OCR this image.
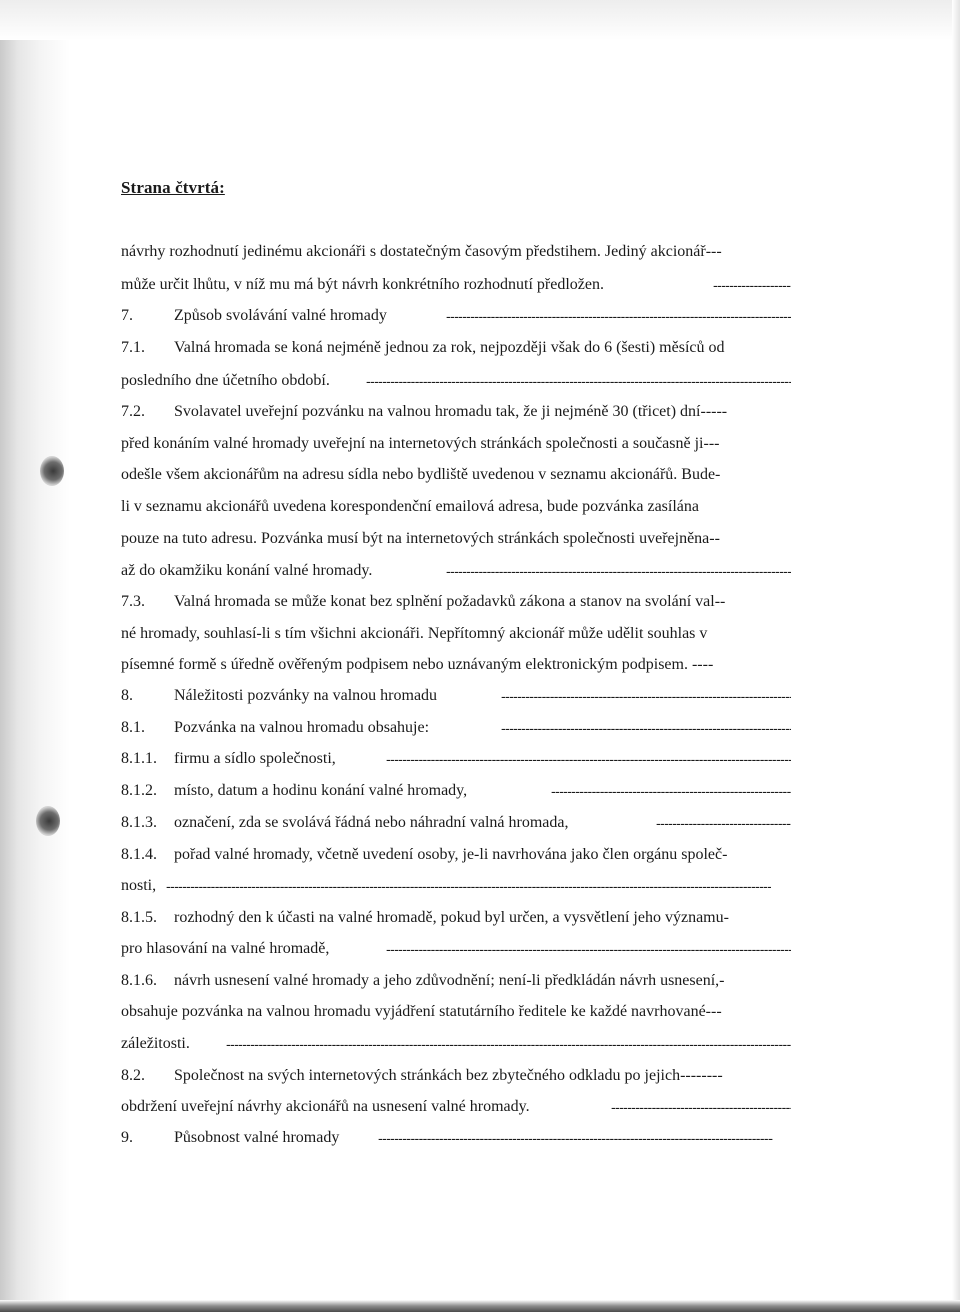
Strana čtvrtá:
návrhy rozhodnutí jedinému akcionáři s dostatečným časovým předstihem. Jediný akcionář---
může určit lhůtu, v níž mu má být návrh konkrétního rozhodnutí předložen.
-----
7.	Způsob svolávání valné hromady
-----
7.1. Valná hromada se koná nejméně jednou za rok, nejpozději však do 6 (šesti) měsíců od
posledního dne účetního období.
-----
7.2. Svolavatel uveřejní pozvánku na valnou hromadu tak, že ji nejméně 30 (třicet) dní-----
před konáním valné hromady uveřejní na internetových stránkách společnosti a současně ji---
odešle všem akcionářům na adresu sídla nebo bydliště uvedenou v seznamu akcionářů. Bude-
li v seznamu akcionářů uvedena korespondenční emailová adresa, bude pozvánka zasílána
pouze na tuto adresu. Pozvánka musí být na internetových stránkách společnosti uveřejněna--
až do okamžiku konání valné hromady.
-----
7.3. Valná hromada se může konat bez splnění požadavků zákona a stanov na svolání val--
né hromady, souhlasí-li s tím všichni akcionáři. Nepřítomný akcionář může udělit souhlas v
písemné formě s úředně ověřeným podpisem nebo uznávaným elektronickým podpisem. ----
8.	Náležitosti pozvánky na valnou hromadu
-----
8.1. Pozvánka na valnou hromadu obsahuje:
-----
8.1.1. firmu a sídlo společnosti,
-----
8.1.2. místo, datum a hodinu konání valné hromady,
-----
8.1.3. označení, zda se svolává řádná nebo náhradní valná hromada,
-----
8.1.4. pořad valné hromady, včetně uvedení osoby, je-li navrhována jako člen orgánu společ-
nosti,
-----
8.1.5. rozhodný den k účasti na valné hromadě, pokud byl určen, a vysvětlení jeho významu-
pro hlasování na valné hromadě,
-----
8.1.6. návrh usnesení valné hromady a jeho zdůvodnění; není-li předkládán návrh usnesení,-
obsahuje pozvánka na valnou hromadu vyjádření statutárního ředitele ke každé navrhované---
záležitosti.
-----
8.2. Společnost na svých internetových stránkách bez zbytečného odkladu po jejich--------
obdržení uveřejní návrhy akcionářů na usnesení valné hromady.
-----
9.	Působnost valné hromady
-----
